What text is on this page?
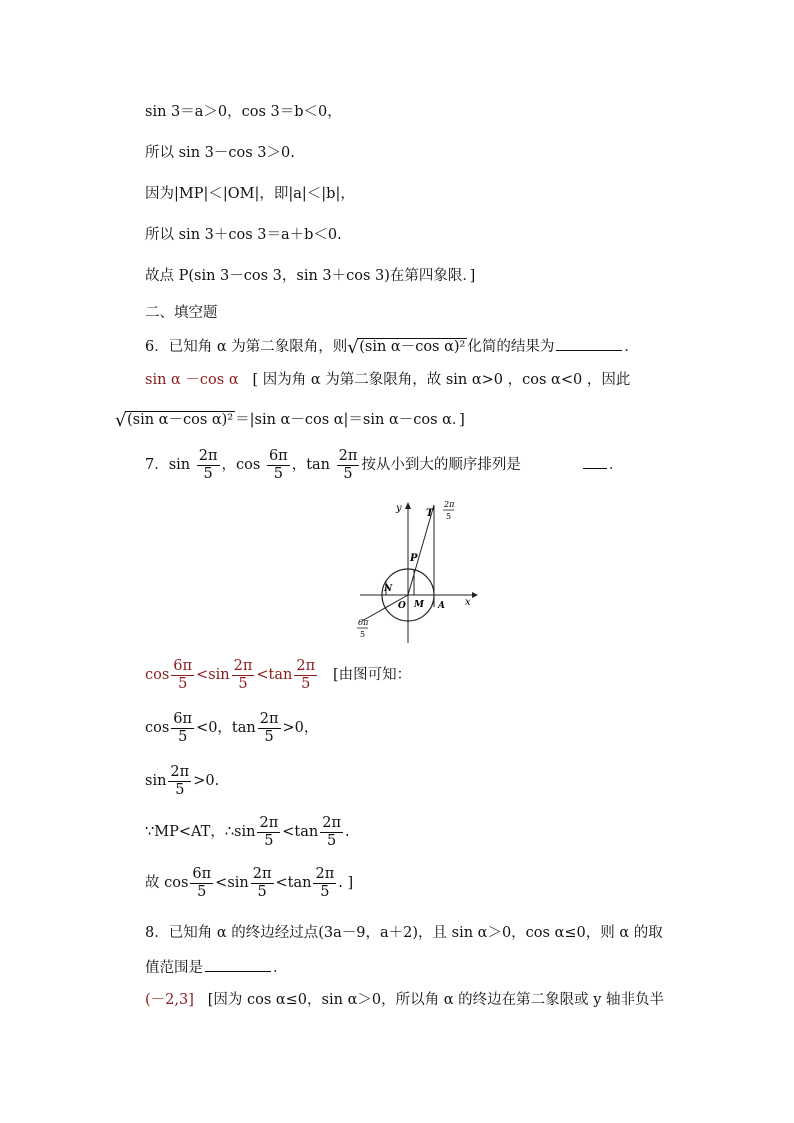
sin 3＝a＞0，cos 3＝b＜0，
所以 sin 3－cos 3＞0.
因为|MP|＜|OM|，即|a|＜|b|，
所以 sin 3＋cos 3＝a＋b＜0.
故点 P(sin 3－cos 3，sin 3＋cos 3)在第四象限．]
二、填空题
6．已知角 α 为第二象限角，则 √ (sin α－cos α)² 化简的结果为	．
sin α －cos α [ 因为角 α 为第二象限角，故 sin α>0 ，cos α<0 ，因此
√ (sin α－cos α)² ＝|sin α－cos α|＝sin α－cos α．]
7．$\sin \frac{2\pi}{5}$ ，$\cos \frac{6\pi}{5}$ ，$\tan \frac{2\pi}{5}$ 按从小到大的顺序排列是	．
y
x
T
2π
5
P
N
O M A
6π
5
$\cos \frac{6\pi}{5} <\sin \frac{2\pi}{5} <\tan \frac{2\pi}{5}$ [由图可知：
$\cos \frac{6\pi}{5} <0$，$\tan \frac{2\pi}{5} >0$，
$\sin \frac{2\pi}{5} >0$.
∵MP<AT，∴sin $\frac{2\pi}{5} <\tan \frac{2\pi}{5}$ .
故 $\cos \frac{6\pi}{5} <\sin \frac{2\pi}{5} <\tan \frac{2\pi}{5}$ . ]
8．已知角 α 的终边经过点(3a－9，a＋2)，且 sin α＞0，cos α≤0，则 α 的取
值范围是	．
(－2,3] [因为 cos α≤0，sin α＞0，所以角 α 的终边在第二象限或 y 轴非负半
